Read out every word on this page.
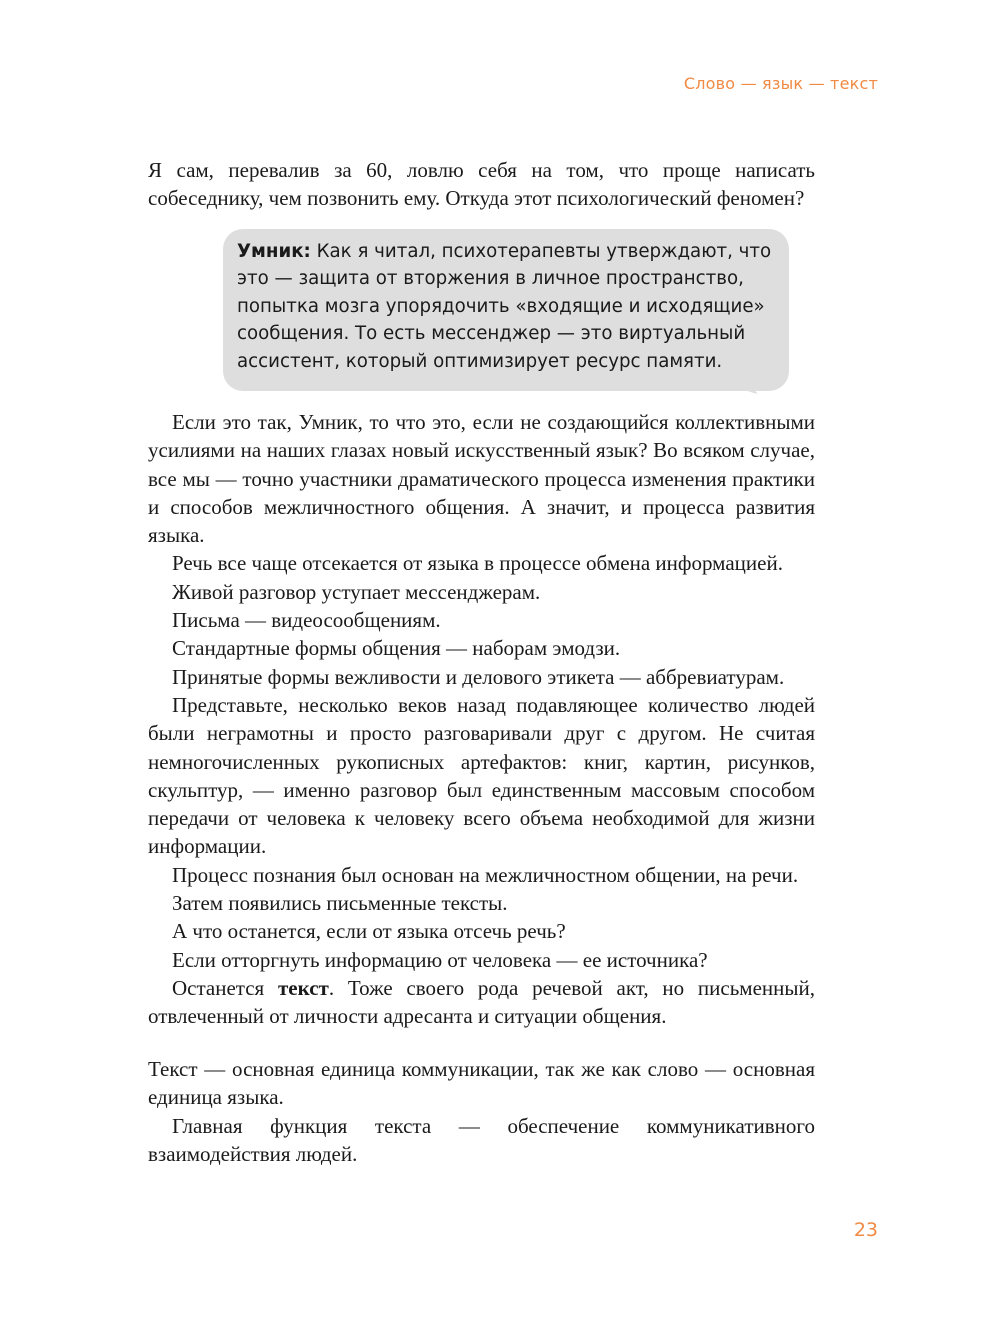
Слово — язык — текст

Я сам, перевалив за 60, ловлю себя на том, что проще написать собеседнику, чем позвонить ему. Откуда этот психологический феномен?

Умник: Как я читал, психотерапевты утверждают, что это — защита от вторжения в личное пространство, попытка мозга упорядочить «входящие и исходящие» сообщения. То есть мессенджер — это виртуальный ассистент, который оптимизирует ресурс памяти.

Если это так, Умник, то что это, если не создающийся коллективными усилиями на наших глазах новый искусственный язык? Во всяком случае, все мы — точно участники драматического процесса изменения практики и способов межличностного общения. А значит, и процесса развития языка.

Речь все чаще отсекается от языка в процессе обмена информацией.

Живой разговор уступает мессенджерам.

Письма — видеосообщениям.

Стандартные формы общения — наборам эмодзи.

Принятые формы вежливости и делового этикета — аббревиатурам.

Представьте, несколько веков назад подавляющее количество людей были неграмотны и просто разговаривали друг с другом. Не считая немногочисленных рукописных артефактов: книг, картин, рисунков, скульптур, — именно разговор был единственным массовым способом передачи от человека к человеку всего объема необходимой для жизни информации.

Процесс познания был основан на межличностном общении, на речи.

Затем появились письменные тексты.

А что останется, если от языка отсечь речь?

Если отторгнуть информацию от человека — ее источника?

Останется текст. Тоже своего рода речевой акт, но письменный, отвлеченный от личности адресанта и ситуации общения.

Текст — основная единица коммуникации, так же как слово — основная единица языка.

Главная функция текста — обеспечение коммуникативного взаимодействия людей.

23
